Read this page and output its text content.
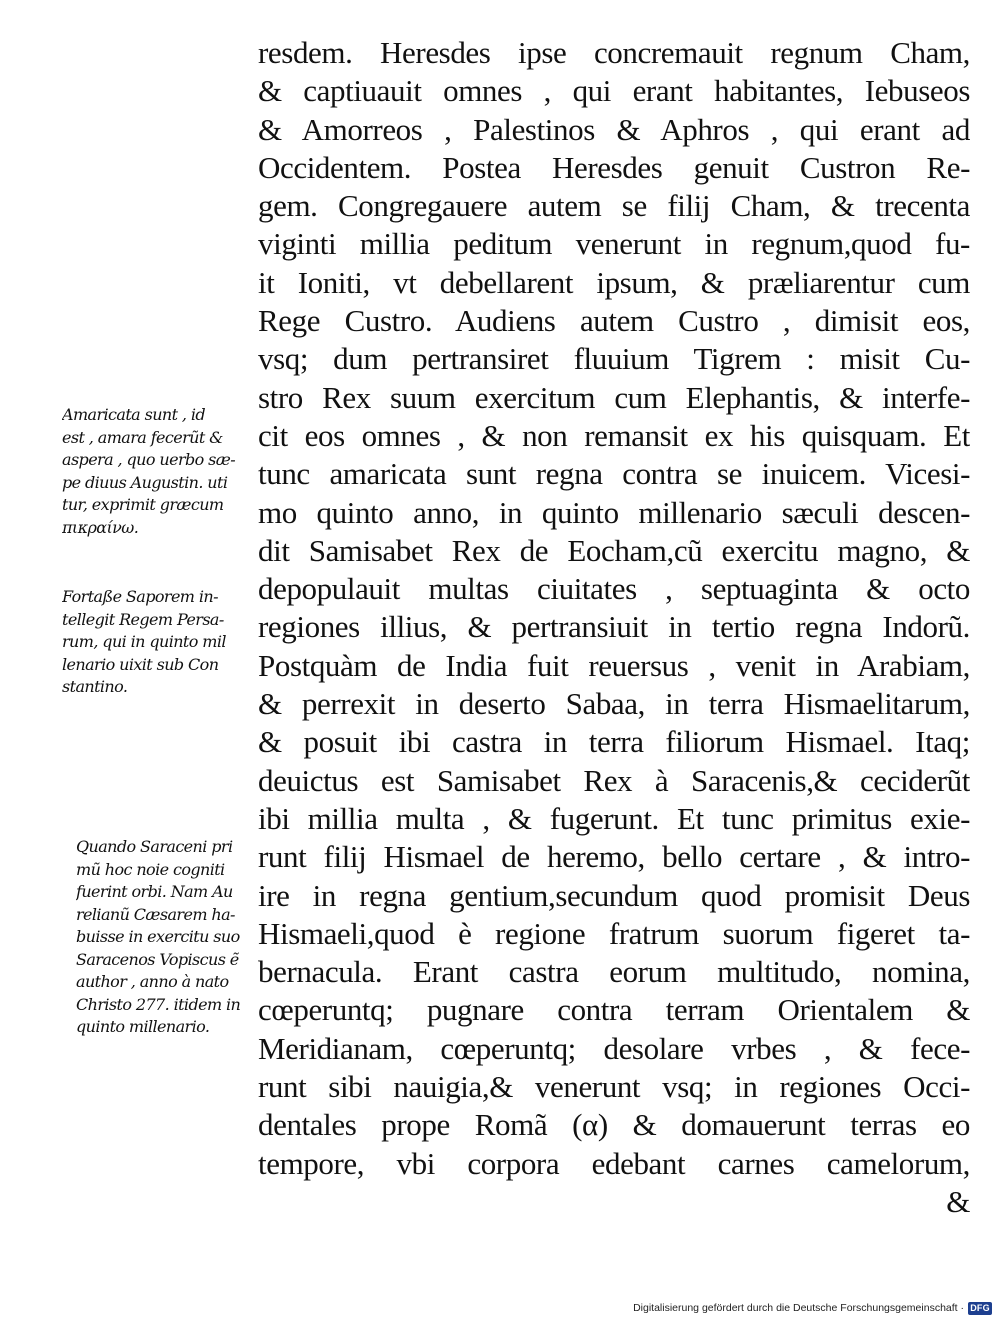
resdem. Heresdes ipse concremauit regnum Cham,
& captiuauit omnes , qui erant habitantes, Iebuseos
& Amorreos , Palestinos & Aphros , qui erant ad
Occidentem. Postea Heresdes genuit Custron Re-
gem. Congregauere autem se filij Cham, & trecenta
viginti millia peditum venerunt in regnum,quod fu-
it Ioniti, vt debellarent ipsum, & præliarentur cum
Rege Custro. Audiens autem Custro , dimisit eos,
vsq; dum pertransiret fluuium Tigrem : misit Cu-
stro Rex suum exercitum cum Elephantis, & interfe-
cit eos omnes , & non remansit ex his quisquam. Et
tunc amaricata sunt regna contra se inuicem. Vicesi-
mo quinto anno, in quinto millenario sæculi descen-
dit Samisabet Rex de Eocham,cũ exercitu magno, &
depopulauit multas ciuitates , septuaginta & octo
regiones illius, & pertransiuit in tertio regna Indorũ.
Postquàm de India fuit reuersus , venit in Arabiam,
& perrexit in deserto Sabaa, in terra Hismaelitarum,
& posuit ibi castra in terra filiorum Hismael. Itaq;
deuictus est Samisabet Rex à Saracenis,& ceciderũt
ibi millia multa , & fugerunt. Et tunc primitus exie-
runt filij Hismael de heremo, bello certare , & intro-
ire in regna gentium,secundum quod promisit Deus
Hismaeli,quod è regione fratrum suorum figeret ta-
bernacula. Erant castra eorum multitudo, nomina,
cœperuntq; pugnare contra terram Orientalem &
Meridianam, cœperuntq; desolare vrbes , & fece-
runt sibi nauigia,& venerunt vsq; in regiones Occi-
dentales prope Romã (α) & domauerunt terras eo
tempore, vbi corpora edebant carnes camelorum,
&
Amaricata sunt , id
est , amara fecerũt &
aspera , quo uerbo sæ-
pe diuus Augustin. uti
tur, exprimit græcum
πικραίνω.
Fortaße Saporem in-
tellegit Regem Persa-
rum, qui in quinto mil
lenario uixit sub Con
stantino.
Quando Saraceni pri
mũ hoc noie cogniti
fuerint orbi. Nam Au
relianũ Cæsarem ha-
buisse in exercitu suo
Saracenos Vopiscus ẽ
author , anno à nato
Christo 277. itidem in
quinto millenario.
Digitalisierung gefördert durch die Deutsche Forschungsgemeinschaft · DFG
